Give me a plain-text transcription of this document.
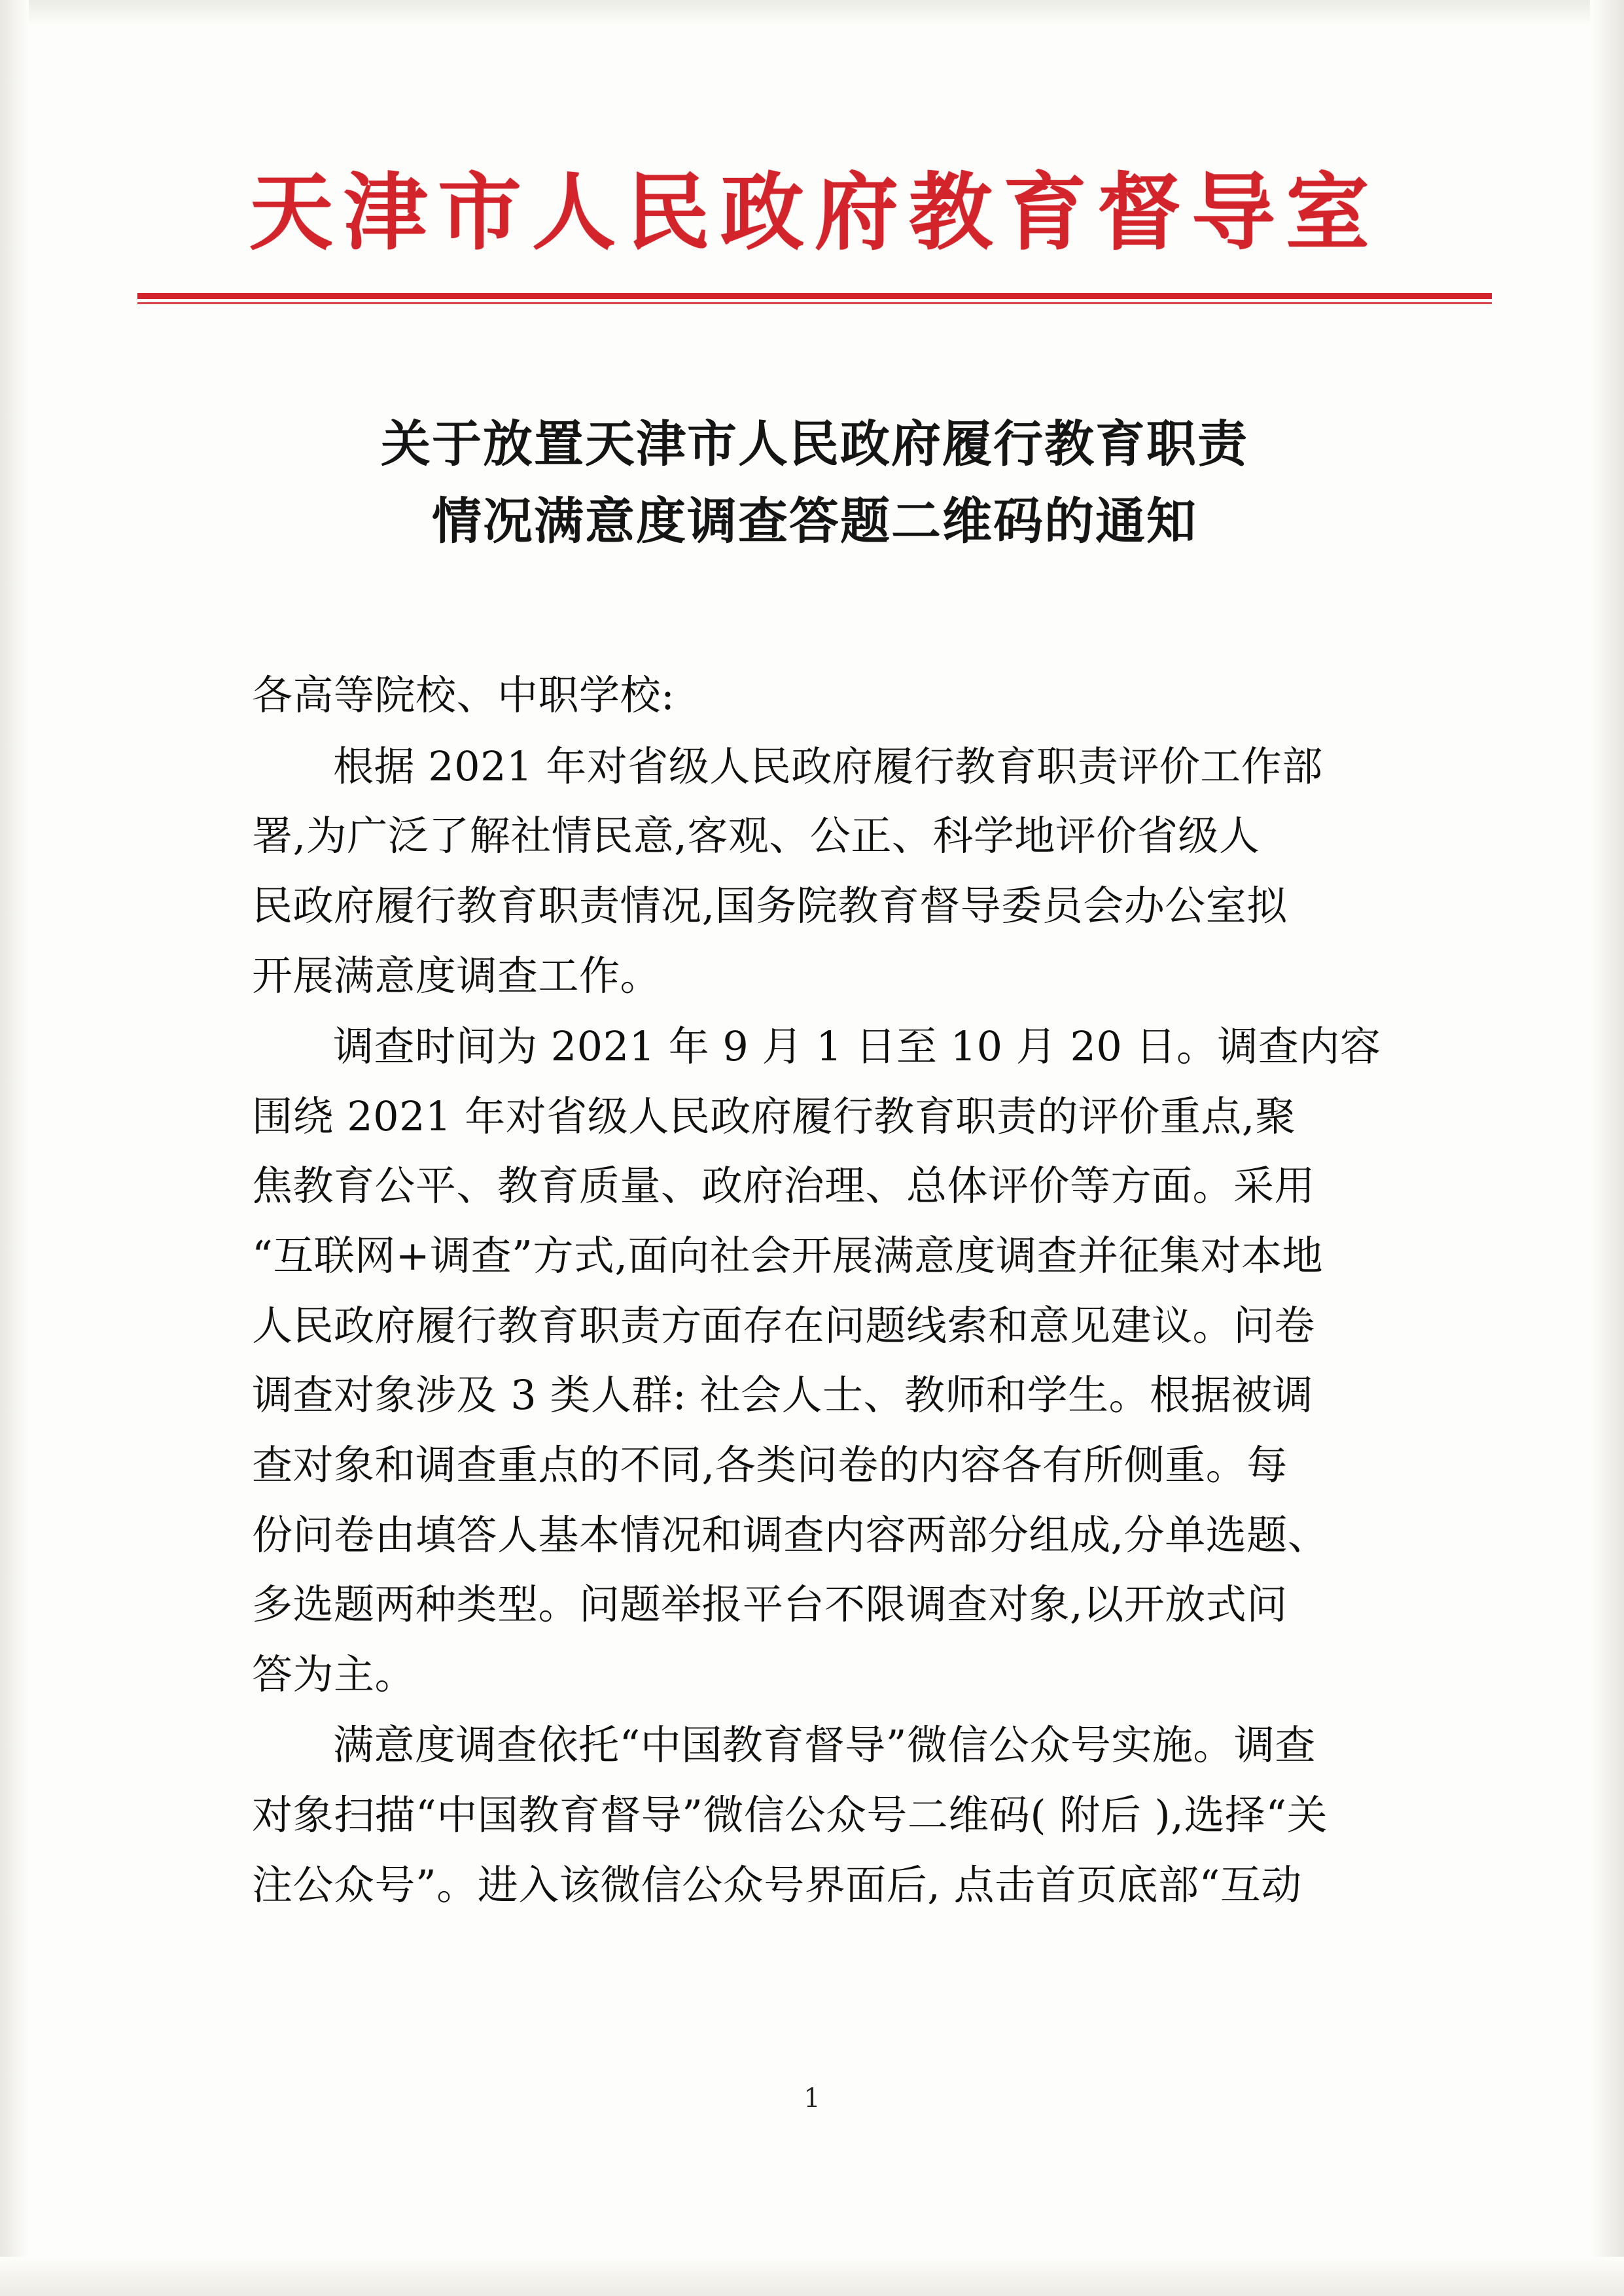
天津市人民政府教育督导室
关于放置天津市人民政府履行教育职责
情况满意度调查答题二维码的通知

各高等院校、中职学校:

根据 2021 年对省级人民政府履行教育职责评价工作部
署,为广泛了解社情民意,客观、公正、科学地评价省级人
民政府履行教育职责情况,国务院教育督导委员会办公室拟
开展满意度调查工作。

调查时间为 2021 年 9 月 1 日至 10 月 20 日。调查内容
围绕 2021 年对省级人民政府履行教育职责的评价重点,聚
焦教育公平、教育质量、政府治理、总体评价等方面。采用
“互联网+调查”方式,面向社会开展满意度调查并征集对本地
人民政府履行教育职责方面存在问题线索和意见建议。问卷
调查对象涉及 3 类人群: 社会人士、教师和学生。根据被调
查对象和调查重点的不同,各类问卷的内容各有所侧重。每
份问卷由填答人基本情况和调查内容两部分组成,分单选题、
多选题两种类型。问题举报平台不限调查对象,以开放式问
答为主。

满意度调查依托“中国教育督导”微信公众号实施。调查
对象扫描“中国教育督导”微信公众号二维码( 附后 ),选择“关
注公众号”。进入该微信公众号界面后, 点击首页底部“互动

1
